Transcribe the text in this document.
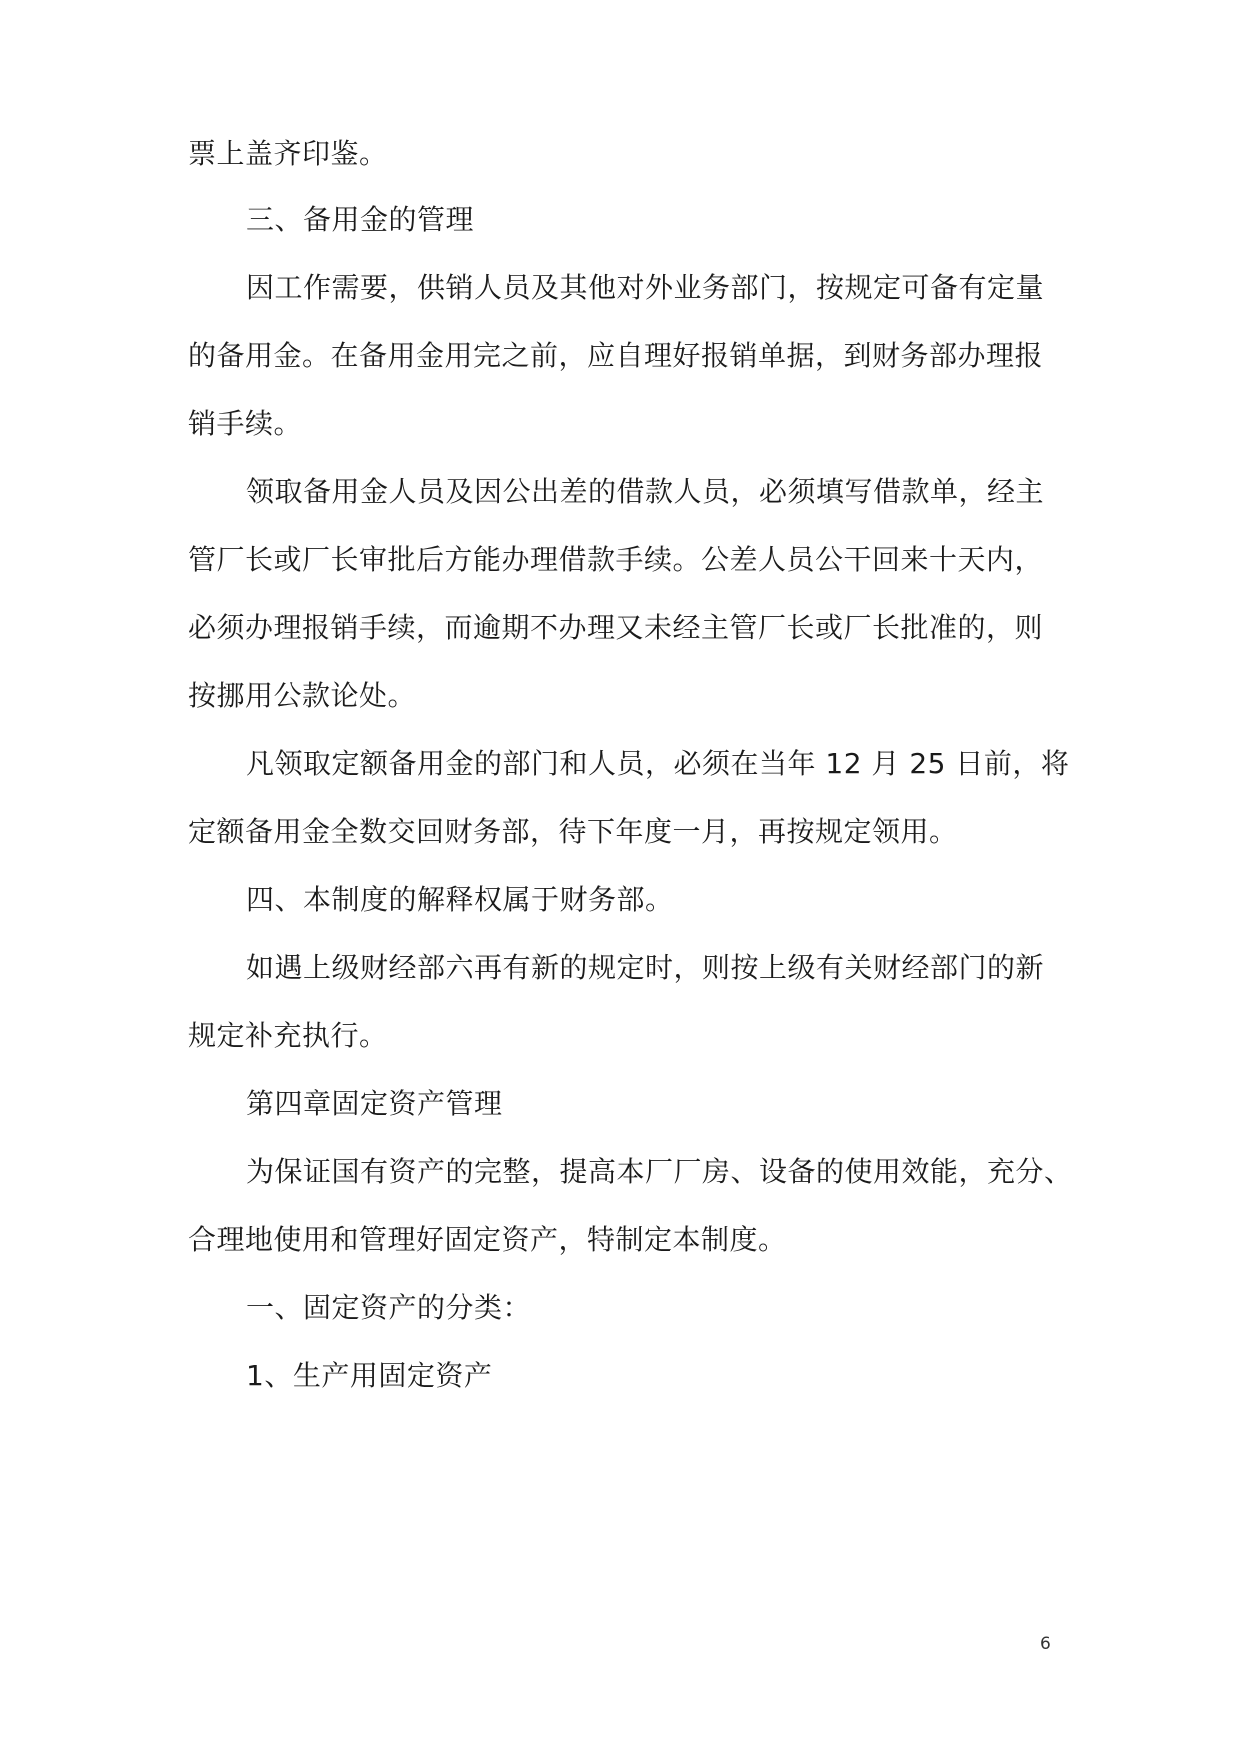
票上盖齐印鉴。
三、备用金的管理
因工作需要，供销人员及其他对外业务部门，按规定可备有定量
的备用金。在备用金用完之前，应自理好报销单据，到财务部办理报
销手续。
领取备用金人员及因公出差的借款人员，必须填写借款单，经主
管厂长或厂长审批后方能办理借款手续。公差人员公干回来十天内，
必须办理报销手续，而逾期不办理又未经主管厂长或厂长批准的，则
按挪用公款论处。
凡领取定额备用金的部门和人员，必须在当年 12 月 25 日前，将
定额备用金全数交回财务部，待下年度一月，再按规定领用。
四、本制度的解释权属于财务部。
如遇上级财经部六再有新的规定时，则按上级有关财经部门的新
规定补充执行。
第四章固定资产管理
为保证国有资产的完整，提高本厂厂房、设备的使用效能，充分、
合理地使用和管理好固定资产，特制定本制度。
一、固定资产的分类：
1、生产用固定资产
6
